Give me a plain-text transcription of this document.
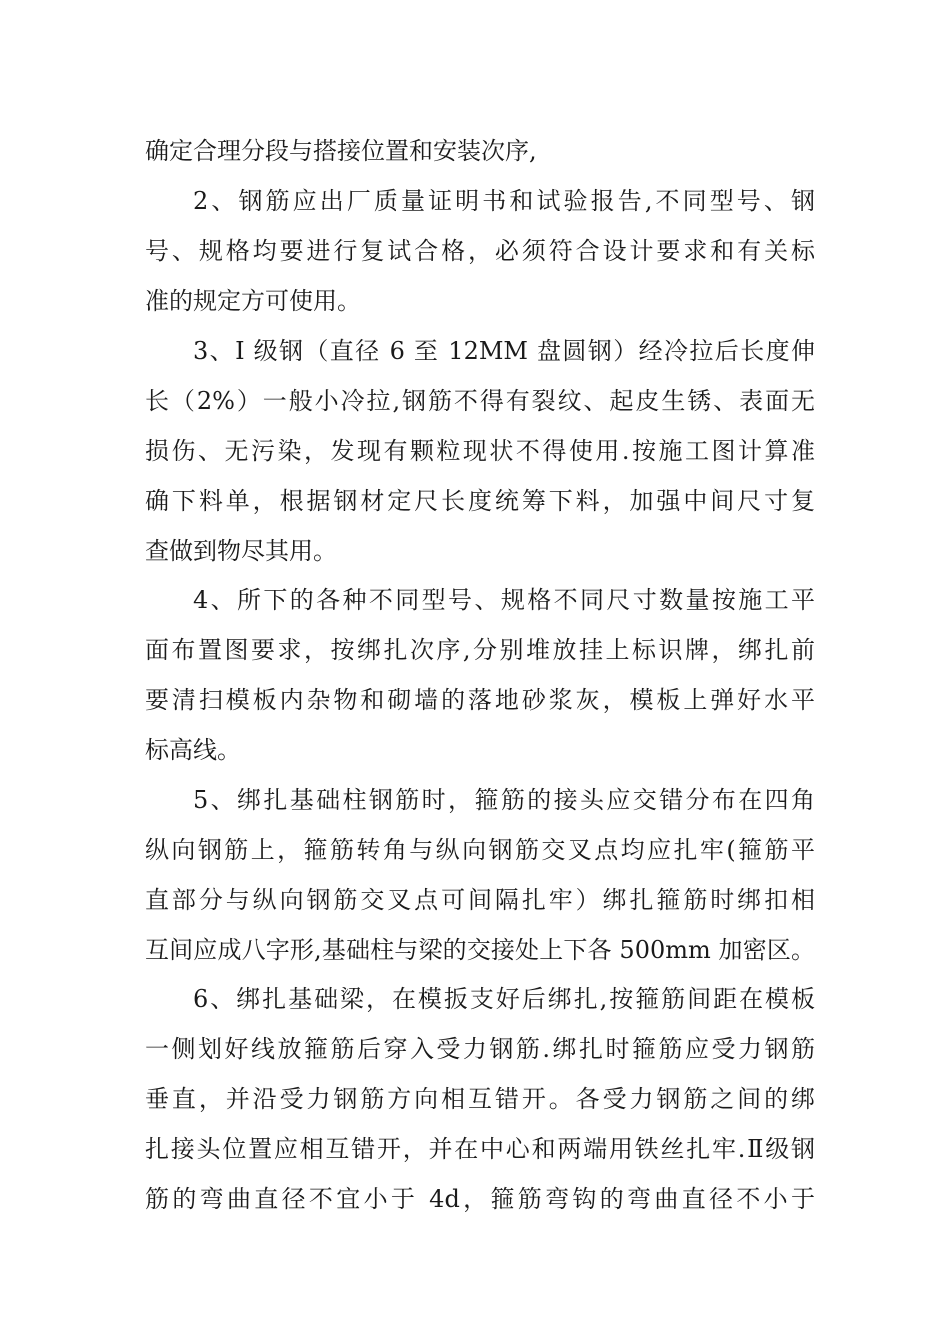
确定合理分段与搭接位置和安装次序,
2、钢筋应出厂质量证明书和试验报告,不同型号、钢
号、规格均要进行复试合格，必须符合设计要求和有关标
准的规定方可使用。
3、I 级钢（直径 6 至 12MM 盘圆钢）经冷拉后长度伸
长（2%）一般小冷拉,钢筋不得有裂纹、起皮生锈、表面无
损伤、无污染，发现有颗粒现状不得使用.按施工图计算准
确下料单，根据钢材定尺长度统筹下料，加强中间尺寸复
查做到物尽其用。
4、所下的各种不同型号、规格不同尺寸数量按施工平
面布置图要求，按绑扎次序,分别堆放挂上标识牌，绑扎前
要清扫模板内杂物和砌墙的落地砂浆灰，模板上弹好水平
标高线。
5、绑扎基础柱钢筋时，箍筋的接头应交错分布在四角
纵向钢筋上，箍筋转角与纵向钢筋交叉点均应扎牢(箍筋平
直部分与纵向钢筋交叉点可间隔扎牢）绑扎箍筋时绑扣相
互间应成八字形,基础柱与梁的交接处上下各 500mm 加密区。
6、绑扎基础梁，在模扳支好后绑扎,按箍筋间距在模板
一侧划好线放箍筋后穿入受力钢筋.绑扎时箍筋应受力钢筋
垂直，并沿受力钢筋方向相互错开。各受力钢筋之间的绑
扎接头位置应相互错开，并在中心和两端用铁丝扎牢.Ⅱ级钢
筋的弯曲直径不宜小于 4d，箍筋弯钩的弯曲直径不小于
